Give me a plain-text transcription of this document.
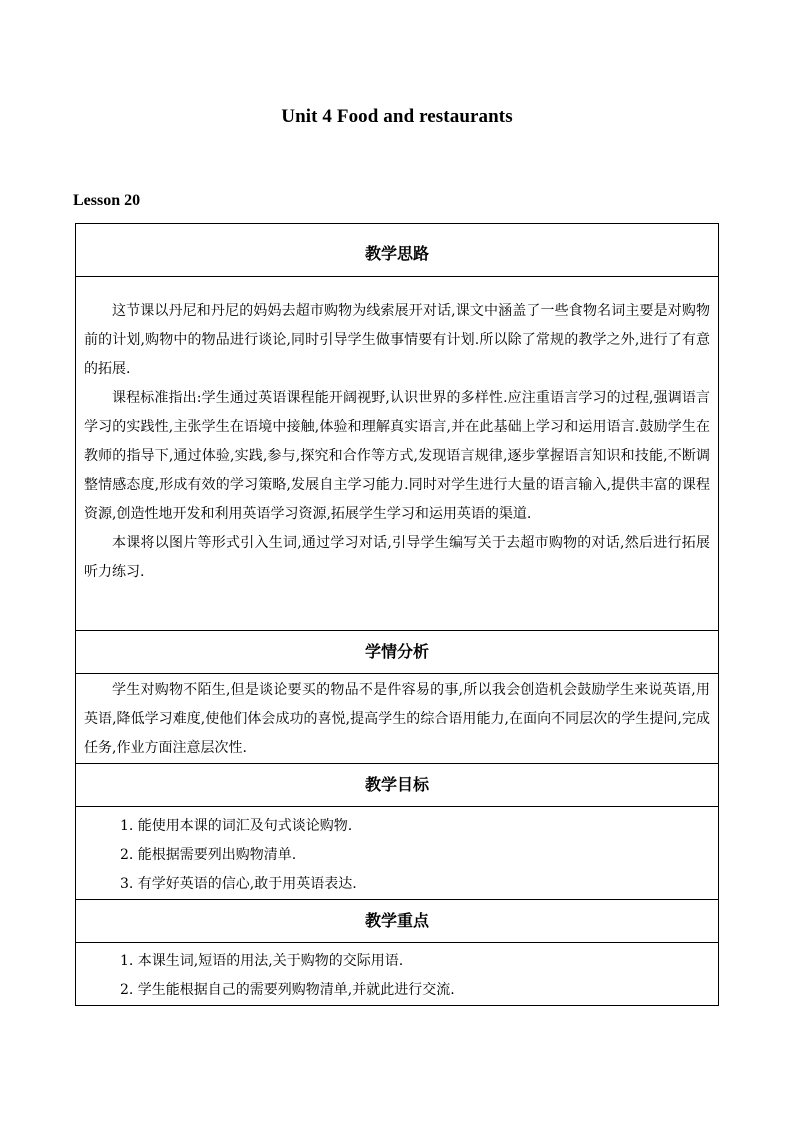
Unit 4 Food and restaurants
Lesson 20
教学思路

这节课以丹尼和丹尼的妈妈去超市购物为线索展开对话,课文中涵盖了一些食物名词主要是对购物前的计划,购物中的物品进行谈论,同时引导学生做事情要有计划.所以除了常规的教学之外,进行了有意的拓展.

课程标准指出:学生通过英语课程能开阔视野,认识世界的多样性.应注重语言学习的过程,强调语言学习的实践性,主张学生在语境中接触,体验和理解真实语言,并在此基础上学习和运用语言.鼓励学生在教师的指导下,通过体验,实践,参与,探究和合作等方式,发现语言规律,逐步掌握语言知识和技能,不断调整情感态度,形成有效的学习策略,发展自主学习能力.同时对学生进行大量的语言输入,提供丰富的课程资源,创造性地开发和利用英语学习资源,拓展学生学习和运用英语的渠道.

本课将以图片等形式引入生词,通过学习对话,引导学生编写关于去超市购物的对话,然后进行拓展听力练习.

学情分析

学生对购物不陌生,但是谈论要买的物品不是件容易的事,所以我会创造机会鼓励学生来说英语,用英语,降低学习难度,使他们体会成功的喜悦,提高学生的综合语用能力,在面向不同层次的学生提问,完成任务,作业方面注意层次性.

教学目标

1. 能使用本课的词汇及句式谈论购物.

2. 能根据需要列出购物清单.

3. 有学好英语的信心,敢于用英语表达.

教学重点

1. 本课生词,短语的用法,关于购物的交际用语.

2. 学生能根据自己的需要列购物清单,并就此进行交流.
